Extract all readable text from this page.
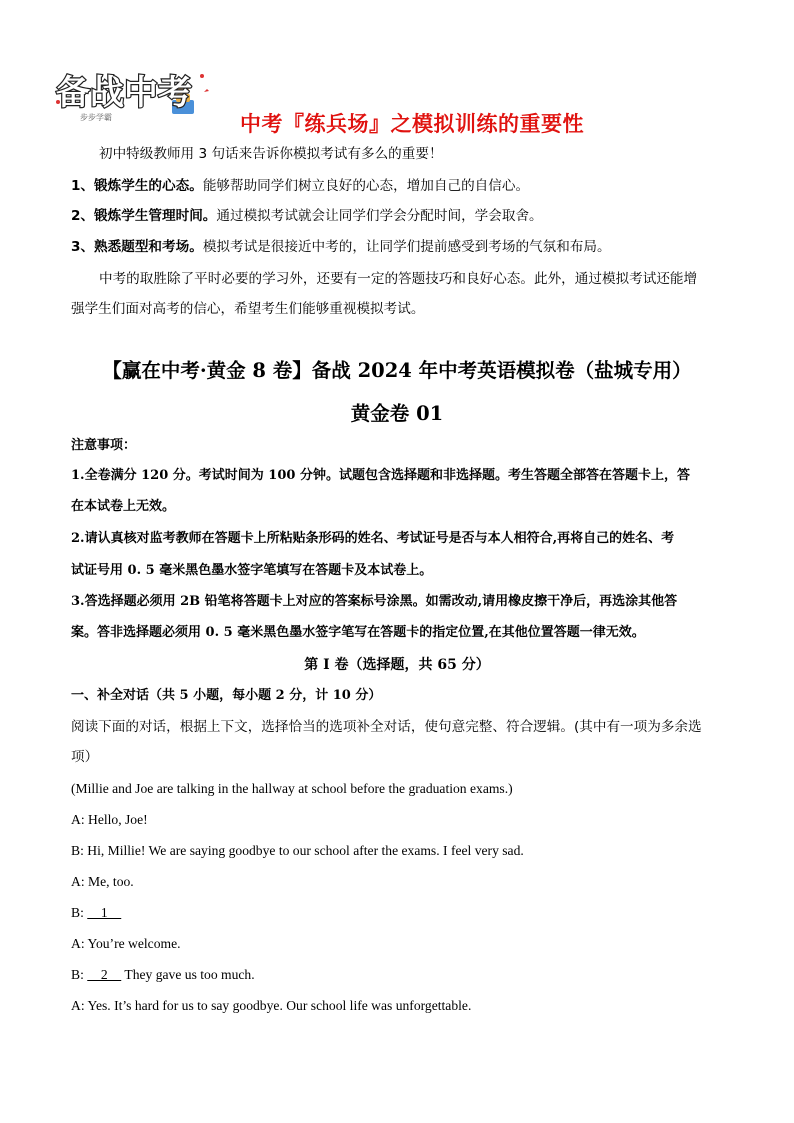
备战中考
步步学霸	中考『练兵场』之模拟训练的重要性
初中特级教师用 3 句话来告诉你模拟考试有多么的重要！
1、锻炼学生的心态。能够帮助同学们树立良好的心态，增加自己的自信心。
2、锻炼学生管理时间。通过模拟考试就会让同学们学会分配时间，学会取舍。
3、熟悉题型和考场。模拟考试是很接近中考的，让同学们提前感受到考场的气氛和布局。
中考的取胜除了平时必要的学习外，还要有一定的答题技巧和良好心态。此外，通过模拟考试还能增
强学生们面对高考的信心，希望考生们能够重视模拟考试。
【赢在中考·黄金 8 卷】备战 2024 年中考英语模拟卷（盐城专用）
黄金卷 01
注意事项：
1.全卷满分 120 分。考试时间为 100 分钟。试题包含选择题和非选择题。考生答题全部答在答题卡上，答
在本试卷上无效。
2.请认真核对监考教师在答题卡上所粘贴条形码的姓名、考试证号是否与本人相符合,再将自己的姓名、考
试证号用 0. 5 毫米黑色墨水签字笔填写在答题卡及本试卷上。
3.答选择题必须用 2B 铅笔将答题卡上对应的答案标号涂黑。如需改动,请用橡皮擦干净后，再选涂其他答
案。答非选择题必须用 0. 5 毫米黑色墨水签字笔写在答题卡的指定位置,在其他位置答题一律无效。
第 I 卷（选择题，共 65 分）
一、补全对话（共 5 小题，每小题 2 分，计 10 分）
阅读下面的对话，根据上下文，选择恰当的选项补全对话，使句意完整、符合逻辑。(其中有一项为多余选
项）
(Millie and Joe are talking in the hallway at school before the graduation exams.)
A: Hello, Joe!
B: Hi, Millie! We are saying goodbye to our school after the exams. I feel very sad.
A: Me, too.
B:     1
A: You’re welcome.
B:     2     They gave us too much.
A: Yes. It’s hard for us to say goodbye. Our school life was unforgettable.
